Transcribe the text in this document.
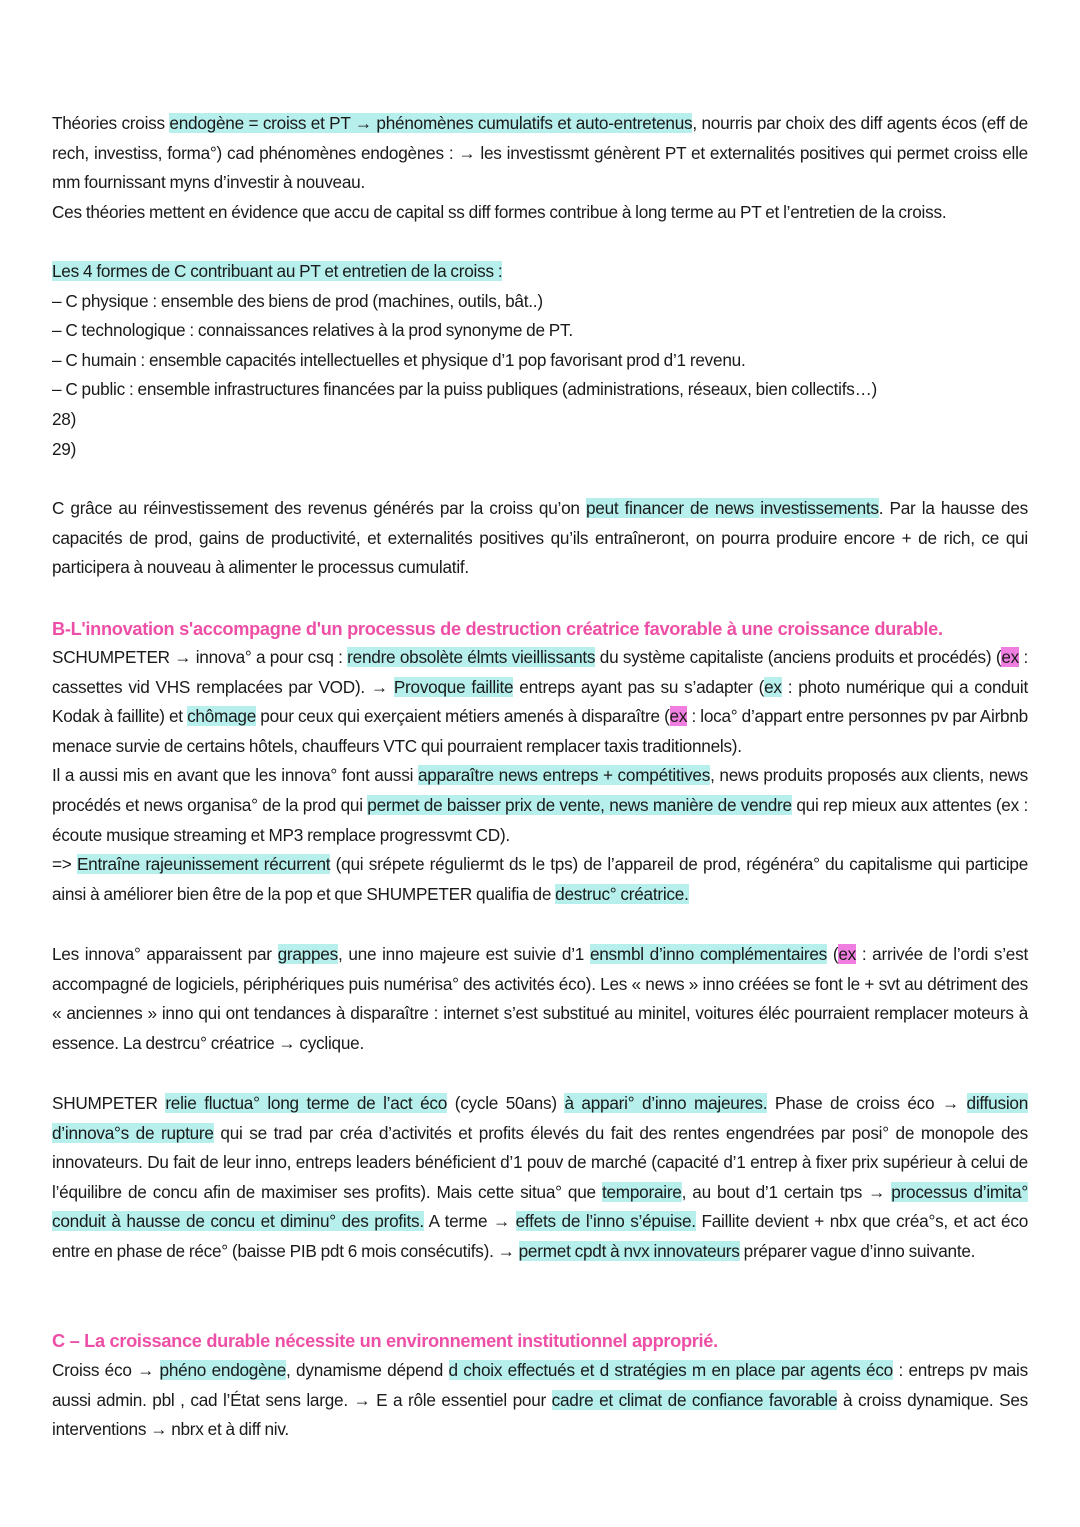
Théories croiss endogène = croiss et PT → phénomènes cumulatifs et auto-entretenus, nourris par choix des diff agents écos (eff de rech, investiss, forma°) cad phénomènes endogènes : → les investissmt génèrent PT et externalités positives qui permet croiss elle mm fournissant myns d’investir à nouveau.
Ces théories mettent en évidence que accu de capital ss diff formes contribue à long terme au PT et l’entretien de la croiss.
Les 4 formes de C contribuant au PT et entretien de la croiss :
– C physique : ensemble des biens de prod (machines, outils, bât..)
– C technologique : connaissances relatives à la prod synonyme de PT.
– C humain : ensemble capacités intellectuelles et physique d’1 pop favorisant prod d’1 revenu.
– C public : ensemble infrastructures financées par la puiss publiques (administrations, réseaux, bien collectifs…)
28)
29)
C grâce au réinvestissement des revenus générés par la croiss qu’on peut financer de news investissements. Par la hausse des capacités de prod, gains de productivité, et externalités positives qu’ils entraîneront, on pourra produire encore + de rich, ce qui participera à nouveau à alimenter le processus cumulatif.
B-L'innovation s'accompagne d'un processus de destruction créatrice favorable à une croissance durable.
SCHUMPETER → innova° a pour csq : rendre obsolète élmts vieillissants du système capitaliste (anciens produits et procédés) (ex : cassettes vid VHS remplacées par VOD). → Provoque faillite entreps ayant pas su s’adapter (ex : photo numérique qui a conduit Kodak à faillite) et chômage pour ceux qui exerçaient métiers amenés à disparaître (ex : loca° d’appart entre personnes pv par Airbnb menace survie de certains hôtels, chauffeurs VTC qui pourraient remplacer taxis traditionnels).
Il a aussi mis en avant que les innova° font aussi apparaître news entreps + compétitives, news produits proposés aux clients, news procédés et news organisa° de la prod qui permet de baisser prix de vente, news manière de vendre qui rep mieux aux attentes (ex : écoute musique streaming et MP3 remplace progressvmt CD).
=> Entraîne rajeunissement récurrent (qui srépete réguliermt ds le tps) de l’appareil de prod, régénéra° du capitalisme qui participe ainsi à améliorer bien être de la pop et que SHUMPETER qualifia de destruc° créatrice.
Les innova° apparaissent par grappes, une inno majeure est suivie d’1 ensmbl d’inno complémentaires (ex : arrivée de l’ordi s’est accompagné de logiciels, périphériques puis numérisa° des activités éco). Les « news » inno créées se font le + svt au détriment des « anciennes » inno qui ont tendances à disparaître : internet s’est substitué au minitel, voitures éléc pourraient remplacer moteurs à essence. La destrcu° créatrice → cyclique.
SHUMPETER relie fluctua° long terme de l’act éco (cycle 50ans) à appari° d’inno majeures. Phase de croiss éco → diffusion d’innova°s de rupture qui se trad par créa d’activités et profits élevés du fait des rentes engendrées par posi° de monopole des innovateurs. Du fait de leur inno, entreps leaders bénéficient d’1 pouv de marché (capacité d’1 entrep à fixer prix supérieur à celui de l’équilibre de concu afin de maximiser ses profits). Mais cette situa° que temporaire, au bout d’1 certain tps → processus d’imita° conduit à hausse de concu et diminu° des profits. A terme → effets de l’inno s’épuise. Faillite devient + nbx que créa°s, et act éco entre en phase de réce° (baisse PIB pdt 6 mois consécutifs). → permet cpdt à nvx innovateurs préparer vague d’inno suivante.
C – La croissance durable nécessite un environnement institutionnel approprié.
Croiss éco → phéno endogène, dynamisme dépend d choix effectués et d stratégies m en place par agents éco : entreps pv mais aussi admin. pbl , cad l’État sens large. → E a rôle essentiel pour cadre et climat de confiance favorable à croiss dynamique. Ses interventions → nbrx et à diff niv.
